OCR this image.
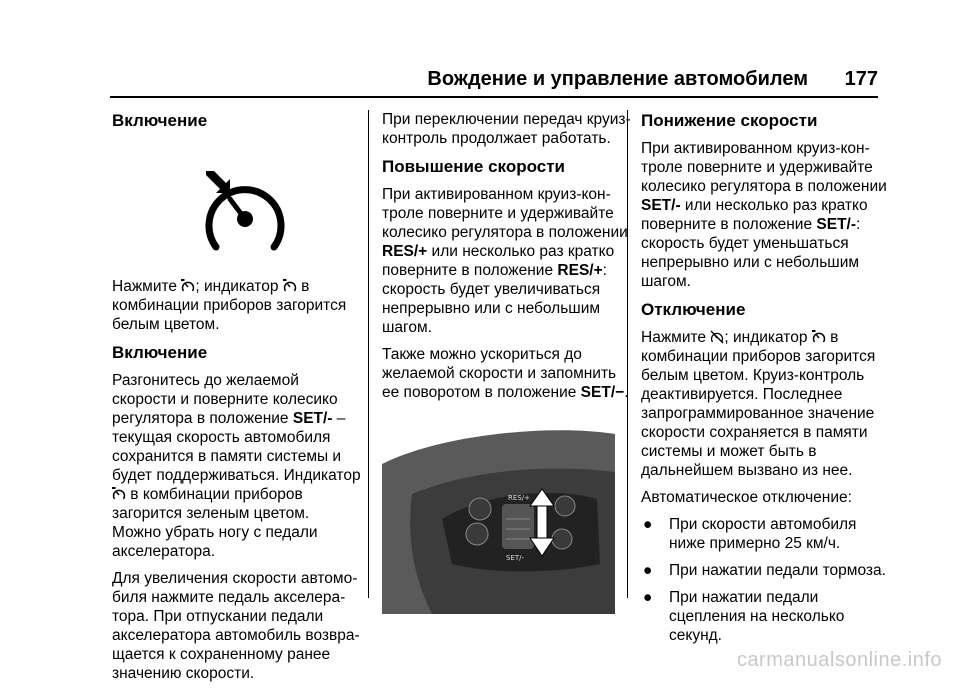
Вождение и управление автомобилем 177
Включение

Нажмите ; индикатор  в комбинации приборов загорится белым цветом.

Включение

Разгонитесь до желаемой скорости и поверните колесико регулятора в положение SET/- – текущая скорость автомобиля сохранится в памяти системы и будет поддерживаться. Индикатор  в комбинации приборов загорится зеленым цветом. Можно убрать ногу с педали акселератора.

Для увеличения скорости автомобиля нажмите педаль акселератора. При отпускании педали акселератора автомобиль возвращается к сохраненному ранее значению скорости.

При переключении передач круиз-контроль продолжает работать.

Повышение скорости

При активированном круиз-контроле поверните и удерживайте колесико регулятора в положении RES/+ или несколько раз кратко поверните в положение RES/+: скорость будет увеличиваться непрерывно или с небольшим шагом.

Также можно ускориться до желаемой скорости и запомнить ее поворотом в положение SET/−.

RES/+
SET/-
Понижение скорости

При активированном круиз-контроле поверните и удерживайте колесико регулятора в положении SET/- или несколько раз кратко поверните в положение SET/-: скорость будет уменьшаться непрерывно или с небольшим шагом.

Отключение

Нажмите ; индикатор  в комбинации приборов загорится белым цветом. Круиз-контроль деактивируется. Последнее запрограммированное значение скорости сохраняется в памяти системы и может быть в дальнейшем вызвано из нее.

Автоматическое отключение:

● При скорости автомобиля ниже примерно 25 км/ч.
● При нажатии педали тормоза.
● При нажатии педали сцепления на несколько секунд.
carmanualsonline.info
